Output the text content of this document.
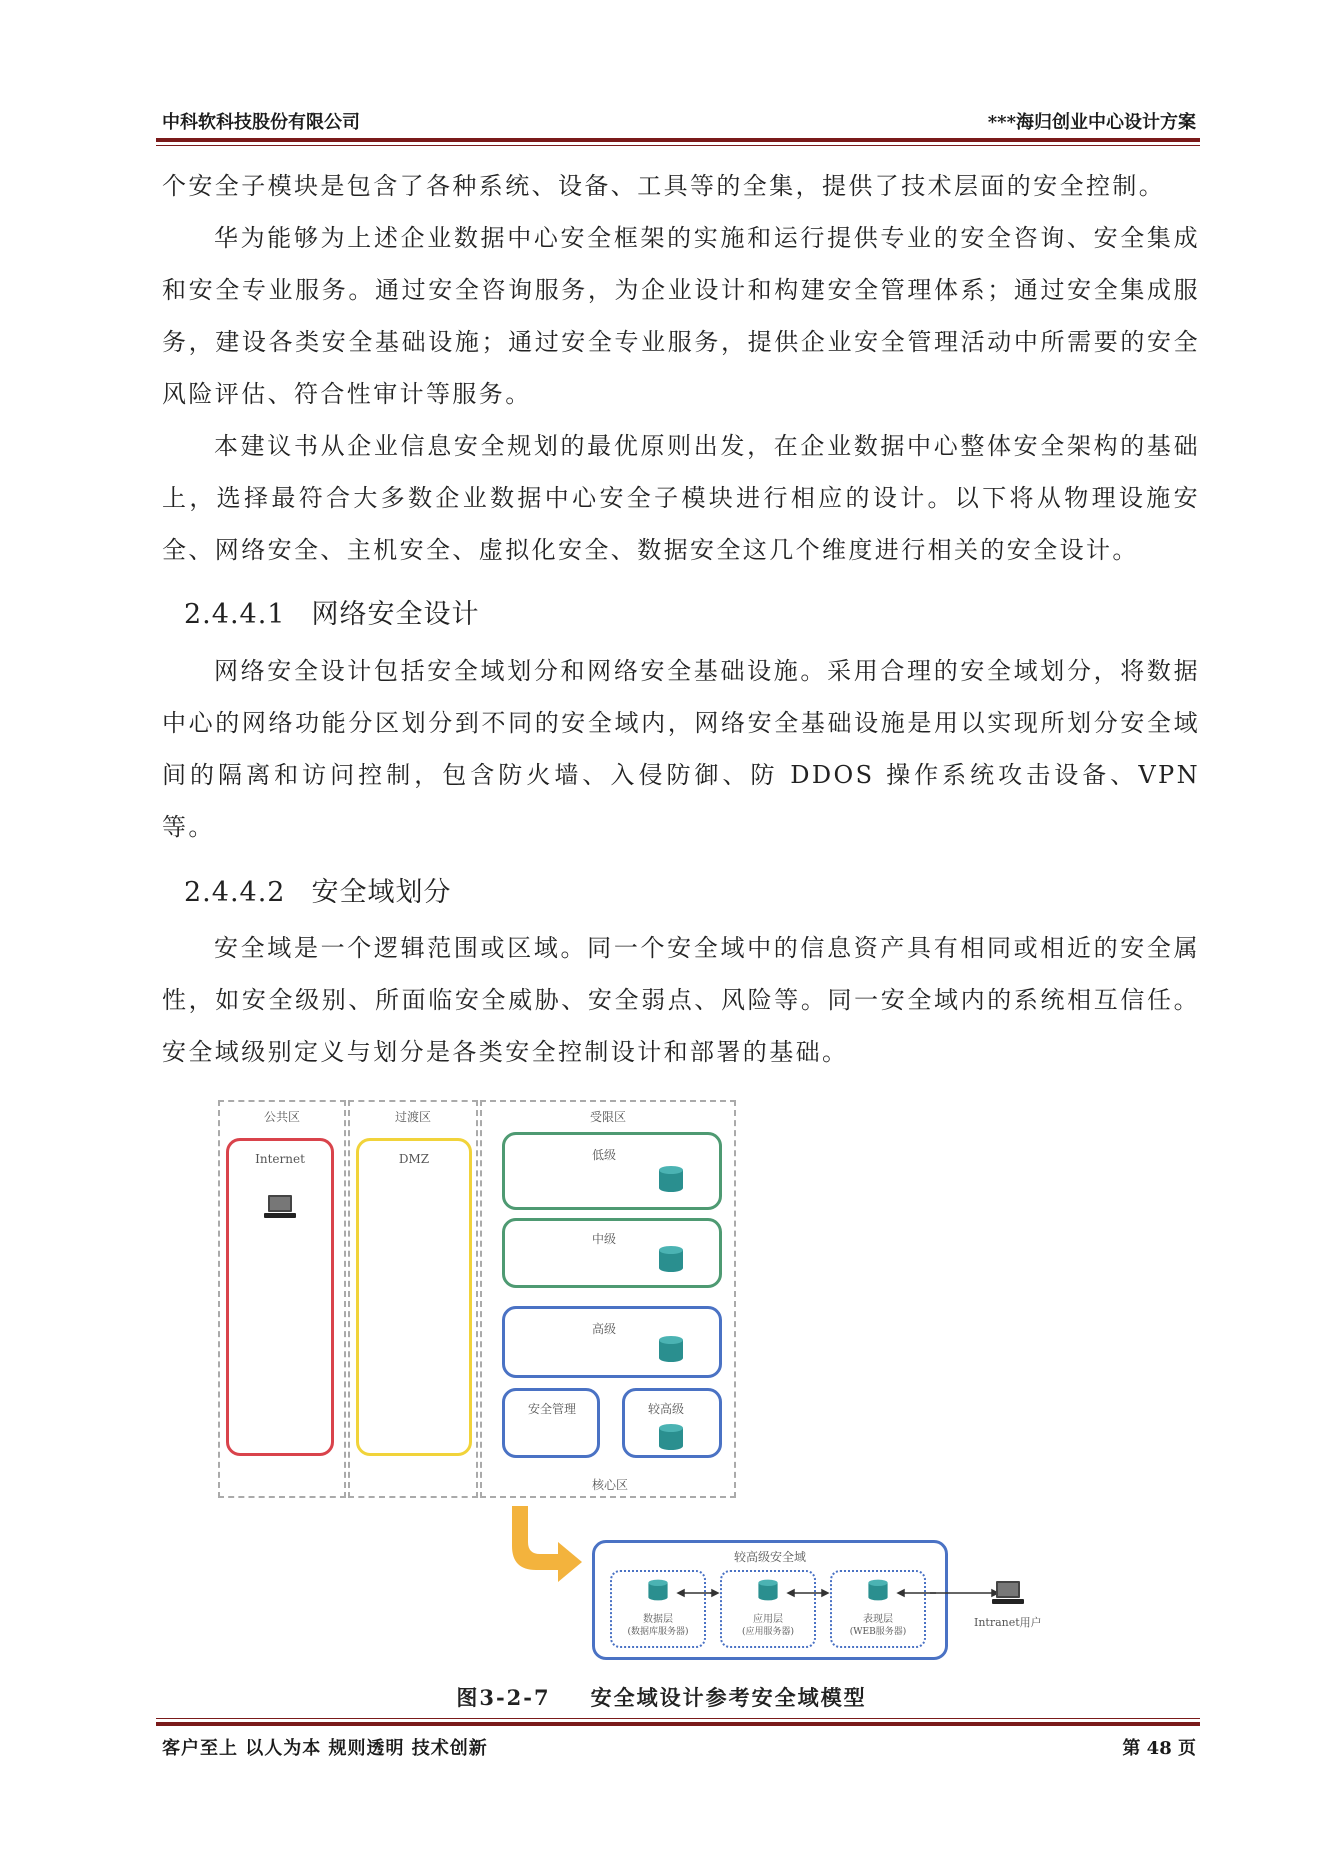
中科软科技股份有限公司	***海归创业中心设计方案
个安全子模块是包含了各种系统、设备、工具等的全集，提供了技术层面的安全控制。
华为能够为上述企业数据中心安全框架的实施和运行提供专业的安全咨询、安全集成和安全专业服务。通过安全咨询服务，为企业设计和构建安全管理体系；通过安全集成服务，建设各类安全基础设施；通过安全专业服务，提供企业安全管理活动中所需要的安全风险评估、符合性审计等服务。
本建议书从企业信息安全规划的最优原则出发，在企业数据中心整体安全架构的基础上，选择最符合大多数企业数据中心安全子模块进行相应的设计。以下将从物理设施安全、网络安全、主机安全、虚拟化安全、数据安全这几个维度进行相关的安全设计。
2.4.4.1 网络安全设计
网络安全设计包括安全域划分和网络安全基础设施。采用合理的安全域划分，将数据中心的网络功能分区划分到不同的安全域内，网络安全基础设施是用以实现所划分安全域间的隔离和访问控制，包含防火墙、入侵防御、防 DDOS 操作系统攻击设备、VPN 等。
2.4.4.2 安全域划分
安全域是一个逻辑范围或区域。同一个安全域中的信息资产具有相同或相近的安全属性，如安全级别、所面临安全威胁、安全弱点、风险等。同一安全域内的系统相互信任。安全域级别定义与划分是各类安全控制设计和部署的基础。
公共区	过渡区	受限区
Internet	DMZ	低级
中级
高级
安全管理	较高级
核心区
较高级安全域
数据层
(数据库服务器)
应用层
(应用服务器)
表现层
(WEB服务器)
Intranet用户
图3-2-7 安全域设计参考安全域模型
客户至上 以人为本 规则透明 技术创新	第 48 页
